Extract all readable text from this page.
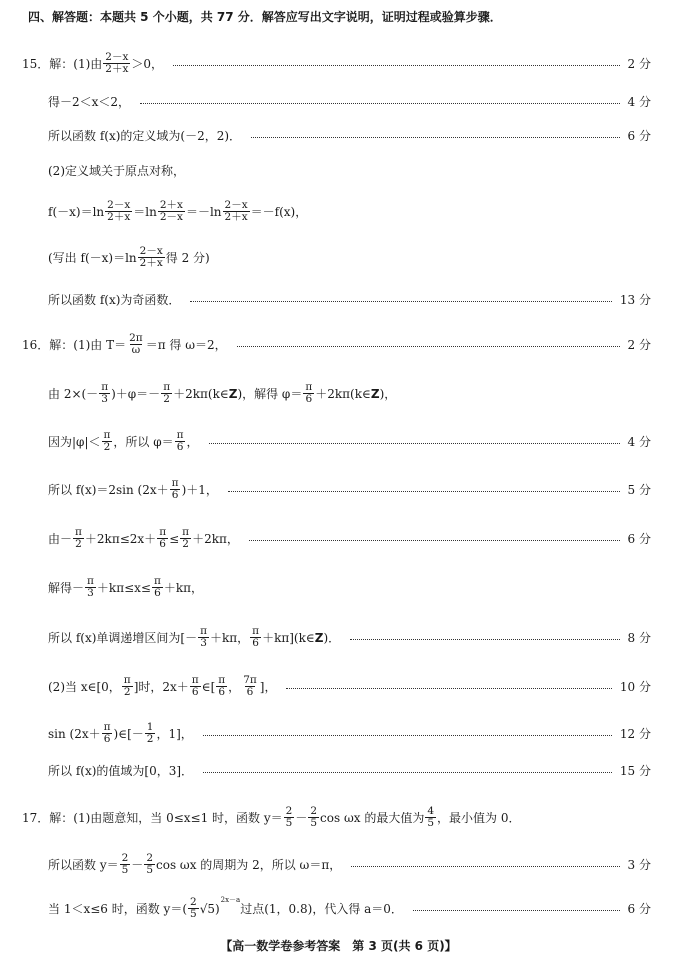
四、解答题：本题共 5 个小题，共 77 分．解答应写出文字说明，证明过程或验算步骤．
15．解：(1)由 $\frac{2-x}{2+x} >0$，	2 分
得－2＜x＜2，	4 分
所以函数 f(x)的定义域为(－2，2)．	6 分
(2)定义域关于原点对称，
$f(-x)=\ln \frac{2-x}{2+x} =\ln \frac{2+x}{2-x} =-\ln \frac{2-x}{2+x} =-f(x)$，
(写出 $f(-x)=\ln \frac{2-x}{2+x}$ 得 2 分)
所以函数 f(x)为奇函数．	13 分
16．解：(1)由 $T= \frac{2\pi}{\omega} =\pi$ 得 ω＝2，	2 分
由 $2\times(- \frac{\pi}{3} )+\varphi=- \frac{\pi}{2}$ ＋2kπ(k∈ Z )，解得 $\varphi= \frac{\pi}{6}$ ＋2kπ(k∈ Z )，
因为$|\varphi|< \frac{\pi}{2}$ ，所以 $\varphi= \frac{\pi}{6}$ ，	4 分
所以 f(x)＝2sin $(2x+ \frac{\pi}{6} )+1$，	5 分
由－ $\frac{\pi}{2} +2k\pi\le 2x+ \frac{\pi}{6} \le \frac{\pi}{2} +2k\pi$，	6 分
解得－ $\frac{\pi}{3} +k\pi\le x\le \frac{\pi}{6} +k\pi$，
所以 f(x)单调递增区间为[－ $\frac{\pi}{3} +k\pi$， $\frac{\pi}{6}$ ＋kπ](k∈ Z )．	8 分
(2)当 x∈[0， $\frac{\pi}{2}$ ]时，$2x+ \frac{\pi}{6}$ ∈[ $\frac{\pi}{6}$ ， $\frac{7\pi}{6}$ ]，	10 分
$\sin (2x+ \frac{\pi}{6}$ )∈[－ $\frac{1}{2}$ ，1]，	12 分
所以 f(x)的值域为[0，3]．	15 分
17．解：(1)由题意知，当 0≤x≤1 时，函数 $y= \frac{2}{5} - \frac{2}{5}$ cos ωx 的最大值为 $\frac{4}{5}$ ，最小值为 0．
所以函数 $y= \frac{2}{5} - \frac{2}{5}$ cos ωx 的周期为 2，所以 ω＝π，	3 分
当 1＜x≤6 时，函数 $y=( \frac{2}{5} √5)$
2x－a
过点(1，0.8)，代入得 a＝0．	6 分
【高一数学卷参考答案　第 3 页(共 6 页)】
